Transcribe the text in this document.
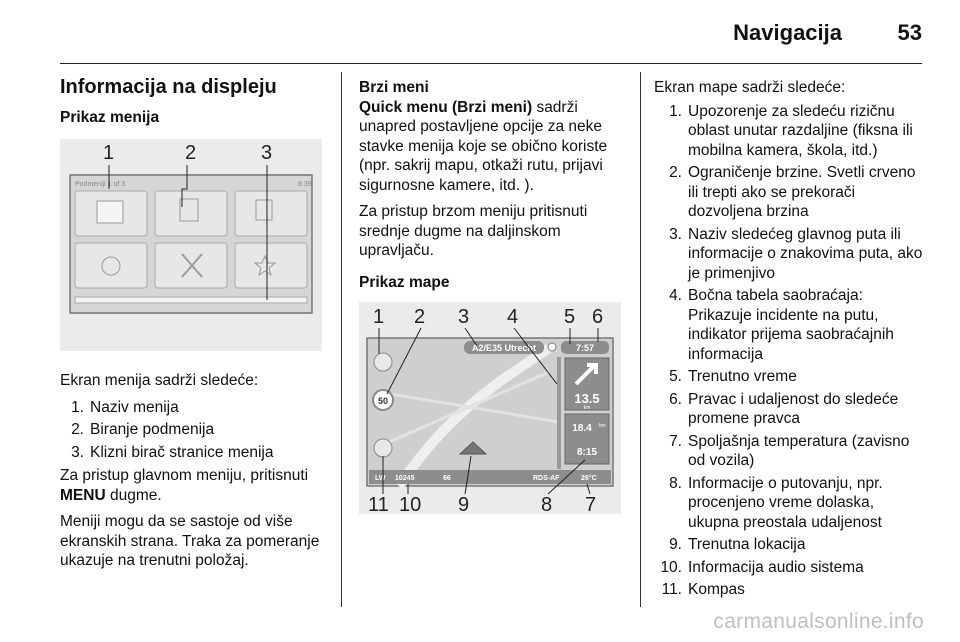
Navigacija	53
Informacija na displeju
Prikaz menija
1	2	3
Podmeniji 1 of 3	8:39

Ekran menija sadrži sledeće:

1. Naziv menija
2. Biranje podmenija
3. Klizni birač stranice menija

Za pristup glavnom meniju, pritisnuti MENU dugme.

Meniji mogu da se sastoje od više ekranskih strana. Traka za pomeranje ukazuje na trenutni položaj.

Brzi meni

Quick menu (Brzi meni) sadrži unapred postavljene opcije za neke stavke menija koje se obično koriste (npr. sakrij mapu, otkaži rutu, prijavi sigurnosne kamere, itd. ).

Za pristup brzom meniju pritisnuti srednje dugme na daljinskom upravljaču.

Prikaz mape
1 2 3 4 5 6
11 10 9	8 7
A2/E35 Utrecht	7:57
50	13.5
km
18.4 km
8:15
LW 10245	66	RDS-AF	26°C

Ekran mape sadrži sledeće:

1. Upozorenje za sledeću rizičnu oblast unutar razdaljine (fiksna ili mobilna kamera, škola, itd.)
2. Ograničenje brzine. Svetli crveno ili trepti ako se prekorači dozvoljena brzina
3. Naziv sledećeg glavnog puta ili informacije o znakovima puta, ako je primenjivo
4. Bočna tabela saobraćaja: Prikazuje incidente na putu, indikator prijema saobraćajnih informacija
5. Trenutno vreme
6. Pravac i udaljenost do sledeće promene pravca
7. Spoljašnja temperatura (zavisno od vozila)
8. Informacije o putovanju, npr. procenjeno vreme dolaska, ukupna preostala udaljenost
9. Trenutna lokacija
10. Informacija audio sistema
11. Kompas
carmanualsonline.info
